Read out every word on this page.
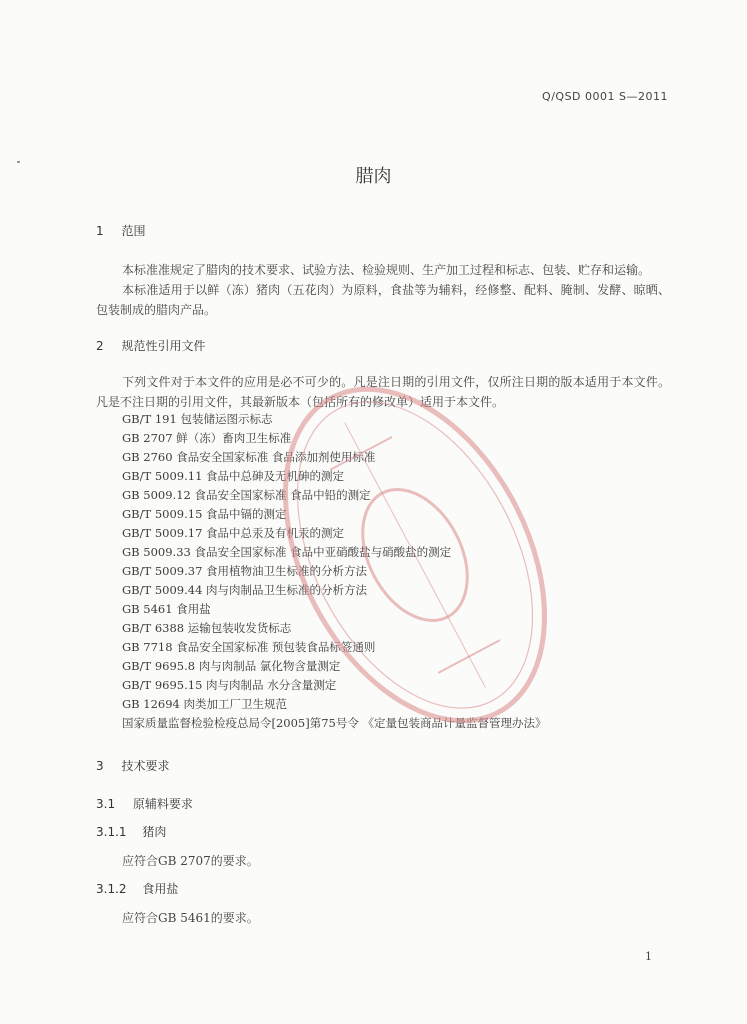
Q/QSD 0001 S—2011
腊肉
1 范围

本标准准规定了腊肉的技术要求、试验方法、检验规则、生产加工过程和标志、包装、贮存和运输。

本标准适用于以鲜（冻）猪肉（五花肉）为原料，食盐等为辅料，经修整、配料、腌制、发酵、晾晒、包装制成的腊肉产品。

2 规范性引用文件

下列文件对于本文件的应用是必不可少的。凡是注日期的引用文件，仅所注日期的版本适用于本文件。凡是不注日期的引用文件，其最新版本（包括所有的修改单）适用于本文件。

GB/T 191 包装储运图示标志
GB 2707 鲜（冻）畜肉卫生标准
GB 2760 食品安全国家标准 食品添加剂使用标准
GB/T 5009.11 食品中总砷及无机砷的测定
GB 5009.12 食品安全国家标准 食品中铅的测定
GB/T 5009.15 食品中镉的测定
GB/T 5009.17 食品中总汞及有机汞的测定
GB 5009.33 食品安全国家标准 食品中亚硝酸盐与硝酸盐的测定
GB/T 5009.37 食用植物油卫生标准的分析方法
GB/T 5009.44 肉与肉制品卫生标准的分析方法
GB 5461 食用盐
GB/T 6388 运输包装收发货标志
GB 7718 食品安全国家标准 预包装食品标签通则
GB/T 9695.8 肉与肉制品 氯化物含量测定
GB/T 9695.15 肉与肉制品 水分含量测定
GB 12694 肉类加工厂卫生规范
国家质量监督检验检疫总局令[2005]第75号令 《定量包装商品计量监督管理办法》
3 技术要求
3.1 原辅料要求
3.1.1 猪肉
应符合GB 2707的要求。
3.1.2 食用盐
应符合GB 5461的要求。
1
